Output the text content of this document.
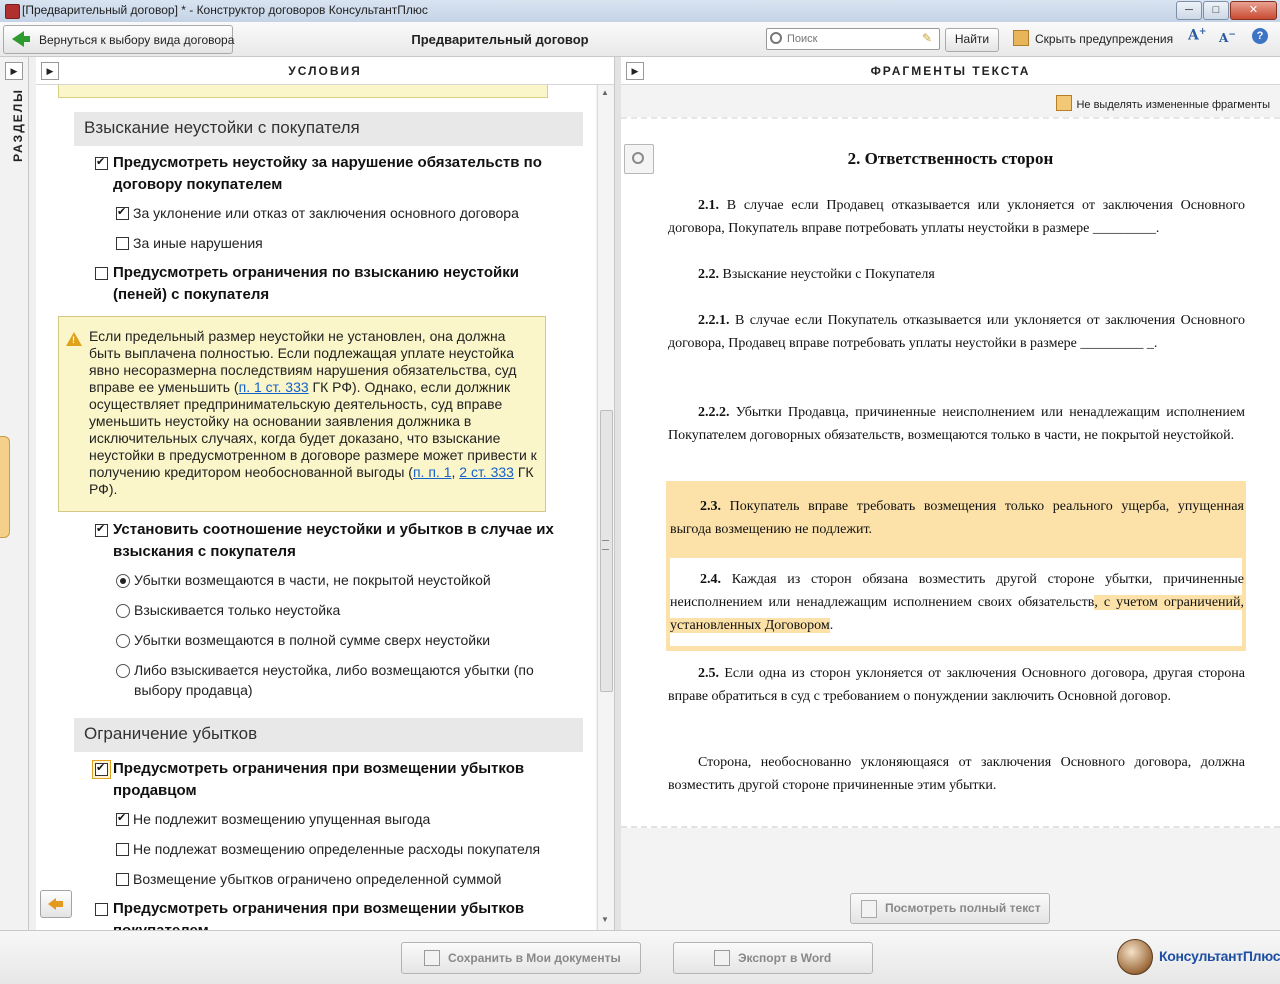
[Предварительный договор] * - Конструктор договоров КонсультантПлюс	─	□	✕
Вернуться к выбору вида договора	Предварительный договор
Поиск	✎	Найти	Скрыть предупреждения A+ A−	?
▶
РАЗДЕЛЫ
УСЛОВИЯ
▶
Взыскание неустойки с покупателя
✔
Предусмотреть неустойку за нарушение обязательств по договору покупателем
✔
За уклонение или отказ от заключения основного договора
За иные нарушения
Предусмотреть ограничения по взысканию неустойки (пеней) с покупателя
! Если предельный размер неустойки не установлен, она должна быть выплачена полностью. Если подлежащая уплате неустойка явно несоразмерна последствиям нарушения обязательства, суд вправе ее уменьшить (п. 1 ст. 333 ГК РФ). Однако, если должник осуществляет предпринимательскую деятельность, суд вправе уменьшить неустойку на основании заявления должника в исключительных случаях, когда будет доказано, что взыскание неустойки в предусмотренном в договоре размере может привести к получению кредитором необоснованной выгоды (п. п. 1, 2 ст. 333 ГК РФ).
✔
Установить соотношение неустойки и убытков в случае их взыскания с покупателя
Убытки возмещаются в части, не покрытой неустойкой
Взыскивается только неустойка
Убытки возмещаются в полной сумме сверх неустойки
Либо взыскивается неустойка, либо возмещаются убытки (по выбору продавца)
Ограничение убытков
✔
Предусмотреть ограничения при возмещении убытков продавцом
✔
Не подлежит возмещению упущенная выгода
Не подлежат возмещению определенные расходы покупателя
Возмещение убытков ограничено определенной суммой
Предусмотреть ограничения при возмещении убытков
▲
▼
ФРАГМЕНТЫ ТЕКСТА
▶
Не выделять измененные фрагменты
2. Ответственность сторон
2.1. В случае если Продавец отказывается или уклоняется от заключения Основного договора, Покупатель вправе потребовать уплаты неустойки в размере _________.
2.2. Взыскание неустойки с Покупателя
2.2.1. В случае если Покупатель отказывается или уклоняется от заключения Основного договора, Продавец вправе потребовать уплаты неустойки в размере _________ _.
2.2.2. Убытки Продавца, причиненные неисполнением или ненадлежащим исполнением Покупателем договорных обязательств, возмещаются только в части, не покрытой неустойкой.
2.3. Покупатель вправе требовать возмещения только реального ущерба, упущенная выгода возмещению не подлежит.
2.4. Каждая из сторон обязана возместить другой стороне убытки, причиненные неисполнением или ненадлежащим исполнением своих обязательств, с учетом ограничений, установленных Договором.
2.5. Если одна из сторон уклоняется от заключения Основного договора, другая сторона вправе обратиться в суд с требованием о понуждении заключить Основной договор.
Сторона, необоснованно уклоняющаяся от заключения Основного договора, должна возместить другой стороне причиненные этим убытки.
Посмотреть полный текст
Сохранить в Мои документы	Экспорт в Word	КонсультантПлюс
